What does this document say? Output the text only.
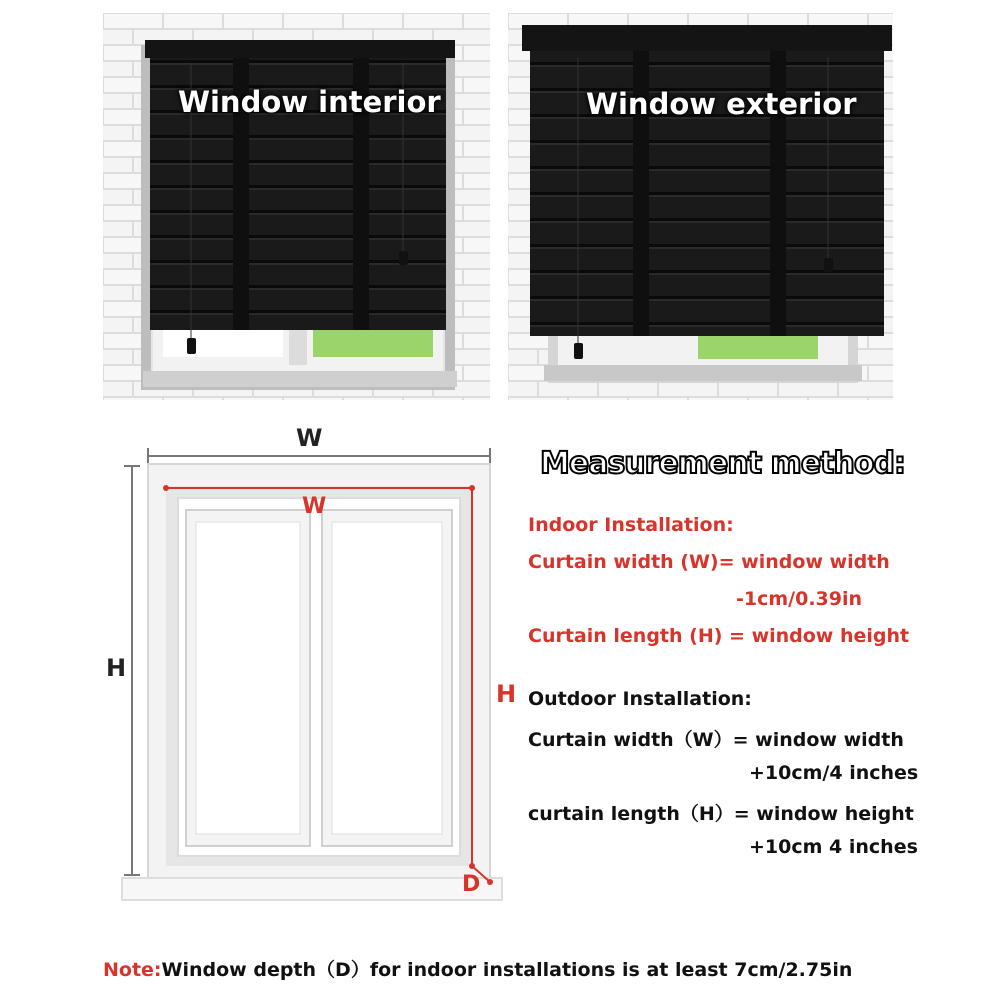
Window interior	Window exterior
W
H
W
H
D
Measurement method:
Indoor Installation:
Curtain width (W)= window width
-1cm/0.39in
Curtain length (H) = window height
Outdoor Installation:
Curtain width（W）= window width
+10cm/4 inches
curtain length（H）= window height
+10cm 4 inches
Note:Window depth（D）for indoor installations is at least 7cm/2.75in
